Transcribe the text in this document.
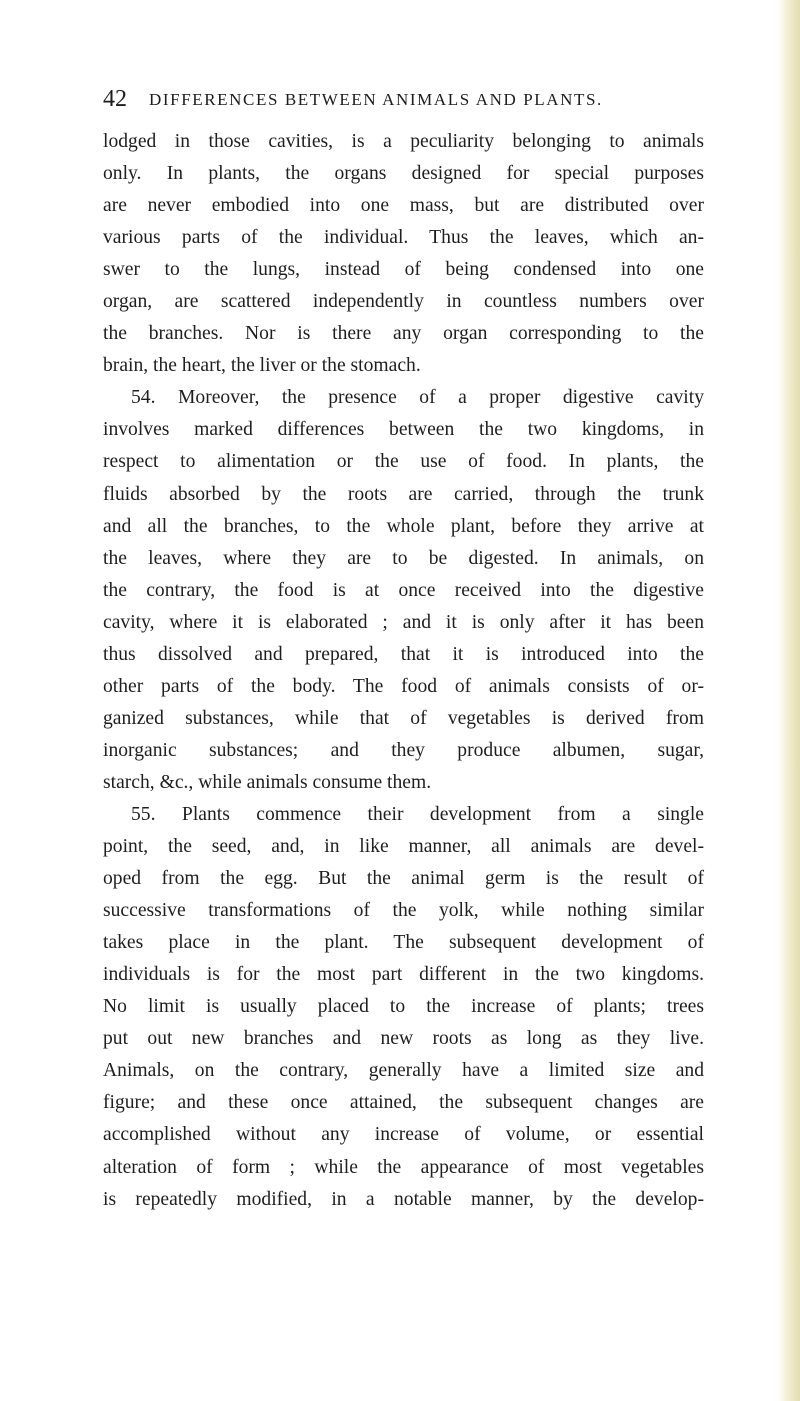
42 DIFFERENCES BETWEEN ANIMALS AND PLANTS.
lodged in those cavities, is a peculiarity belonging to animals
only. In plants, the organs designed for special purposes
are never embodied into one mass, but are distributed over
various parts of the individual. Thus the leaves, which an-
swer to the lungs, instead of being condensed into one
organ, are scattered independently in countless numbers over
the branches. Nor is there any organ corresponding to the
brain, the heart, the liver or the stomach.
54. Moreover, the presence of a proper digestive cavity
involves marked differences between the two kingdoms, in
respect to alimentation or the use of food. In plants, the
fluids absorbed by the roots are carried, through the trunk
and all the branches, to the whole plant, before they arrive at
the leaves, where they are to be digested. In animals, on
the contrary, the food is at once received into the digestive
cavity, where it is elaborated ; and it is only after it has been
thus dissolved and prepared, that it is introduced into the
other parts of the body. The food of animals consists of or-
ganized substances, while that of vegetables is derived from
inorganic substances; and they produce albumen, sugar,
starch, &c., while animals consume them.
55. Plants commence their development from a single
point, the seed, and, in like manner, all animals are devel-
oped from the egg. But the animal germ is the result of
successive transformations of the yolk, while nothing similar
takes place in the plant. The subsequent development of
individuals is for the most part different in the two kingdoms.
No limit is usually placed to the increase of plants; trees
put out new branches and new roots as long as they live.
Animals, on the contrary, generally have a limited size and
figure; and these once attained, the subsequent changes are
accomplished without any increase of volume, or essential
alteration of form ; while the appearance of most vegetables
is repeatedly modified, in a notable manner, by the develop-
